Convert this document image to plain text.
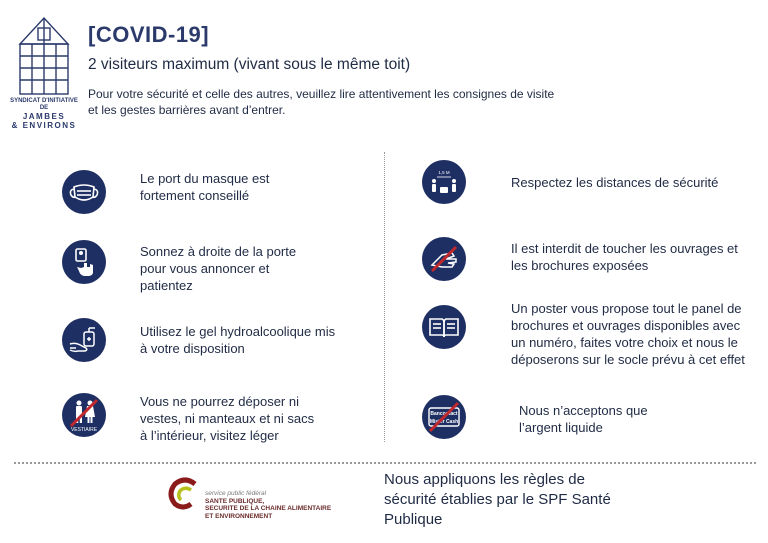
SYNDICAT D'INITIATIVE DE
JAMBES
& ENVIRONS
[COVID-19]
2 visiteurs maximum (vivant sous le même toit)
Pour votre sécurité et celle des autres, veuillez lire attentivement les consignes de visite et les gestes barrières avant d’entrer.
Le port du masque est fortement conseillé
Sonnez à droite de la porte pour vous annoncer et patientez
Utilisez le gel hydroalcoolique mis à votre disposition
VESTIAIRE
Vous ne pourrez déposer ni vestes, ni manteaux et ni sacs à l’intérieur, visitez léger
1,5 M
Respectez les distances de sécurité
Il est interdit de toucher les ouvrages et les brochures exposées
Un poster vous propose tout le panel de brochures et ouvrages disponibles avec un numéro, faites votre choix et nous le déposerons sur le socle prévu à cet effet
Bancontact
Mister Cash
Nous n’acceptons que l’argent liquide
service public fédéral
SANTE PUBLIQUE,
SECURITE DE LA CHAINE ALIMENTAIRE
ET ENVIRONNEMENT
Nous appliquons les règles de sécurité établies par le SPF Santé Publique
